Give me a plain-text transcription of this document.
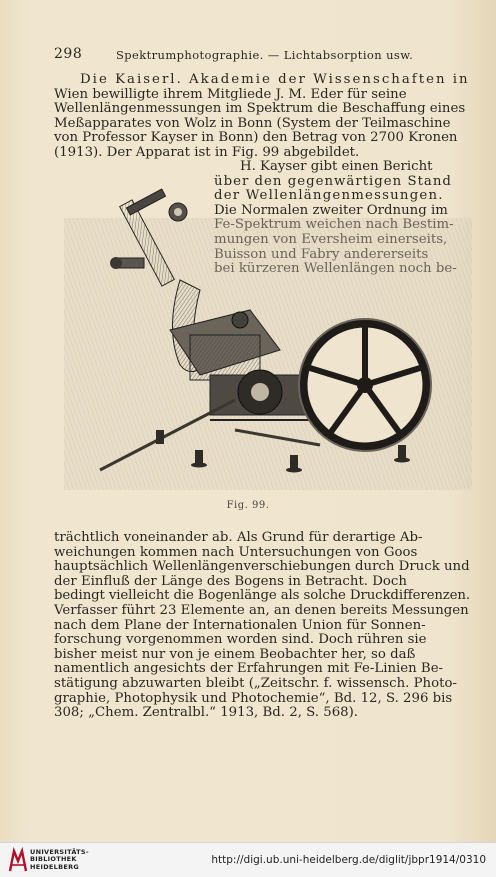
298	Spektrumphotographie. — Lichtabsorption usw.
Die Kaiserl. Akademie der Wissenschaften in
Wien bewilligte ihrem Mitgliede J. M. Eder für seine
Wellenlängenmessungen im Spektrum die Beschaffung eines
Meßapparates von Wolz in Bonn (System der Teilmaschine
von Professor Kayser in Bonn) den Betrag von 2700 Kronen
(1913). Der Apparat ist in Fig. 99 abgebildet.
H. Kayser gibt einen Bericht
über den gegenwärtigen Stand
der Wellenlängenmessungen.
Die Normalen zweiter Ordnung im
Fig. 99.
trächtlich voneinander ab. Als Grund für derartige Ab-
weichungen kommen nach Untersuchungen von Goos
hauptsächlich Wellenlängenverschiebungen durch Druck und
der Einfluß der Länge des Bogens in Betracht. Doch
bedingt vielleicht die Bogenlänge als solche Druckdifferenzen.
Verfasser führt 23 Elemente an, an denen bereits Messungen
nach dem Plane der Internationalen Union für Sonnen-
forschung vorgenommen worden sind. Doch rühren sie
bisher meist nur von je einem Beobachter her, so daß
namentlich angesichts der Erfahrungen mit Fe-Linien Be-
stätigung abzuwarten bleibt („Zeitschr. f. wissensch. Photo-
graphie, Photophysik und Photochemie“, Bd. 12, S. 296 bis
308; „Chem. Zentralbl.“ 1913, Bd. 2, S. 568).
UNIVERSITÄTS-
BIBLIOTHEK
HEIDELBERG
http://digi.ub.uni-heidelberg.de/diglit/jbpr1914/0310
